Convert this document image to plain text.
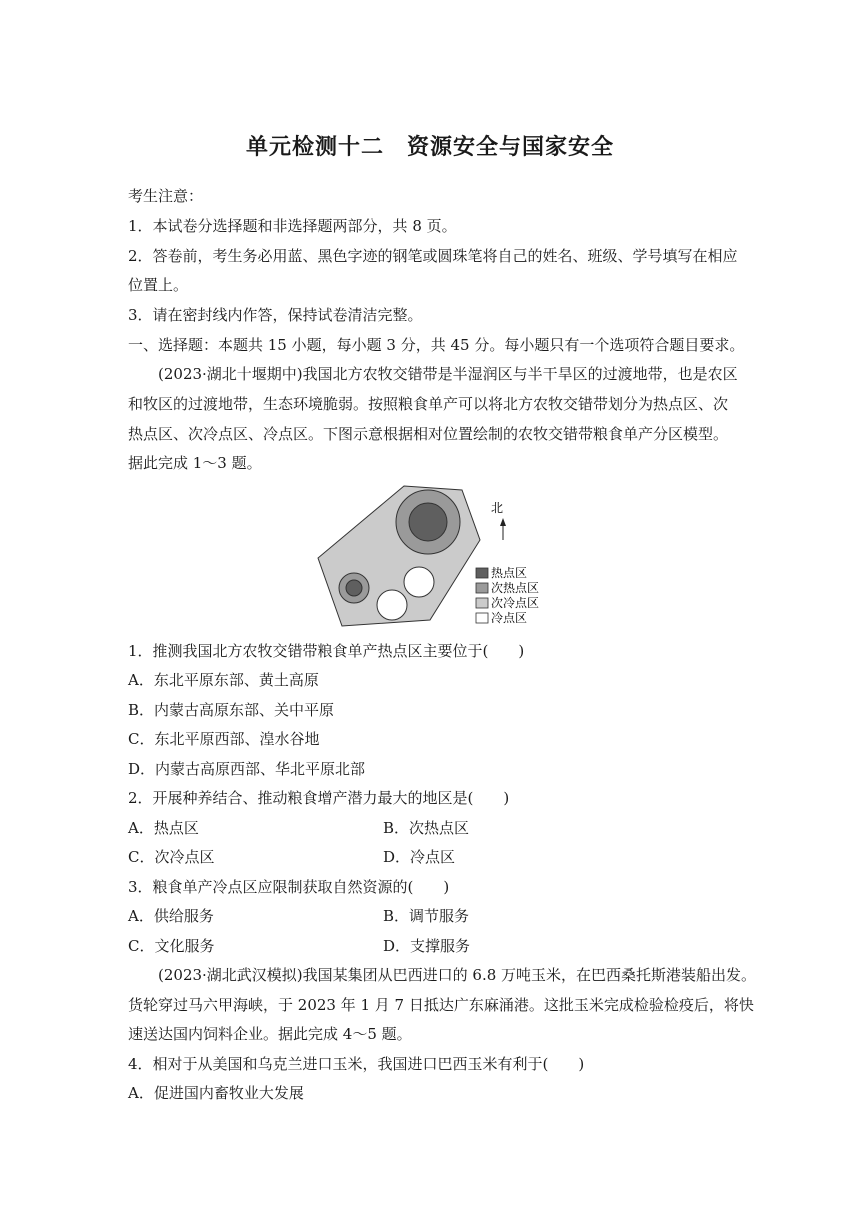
单元检测十二　资源安全与国家安全
考生注意：
1．本试卷分选择题和非选择题两部分，共 8 页。
2．答卷前，考生务必用蓝、黑色字迹的钢笔或圆珠笔将自己的姓名、班级、学号填写在相应
位置上。
3．请在密封线内作答，保持试卷清洁完整。
一、选择题：本题共 15 小题，每小题 3 分，共 45 分。每小题只有一个选项符合题目要求。
(2023·湖北十堰期中)我国北方农牧交错带是半湿润区与半干旱区的过渡地带，也是农区
和牧区的过渡地带，生态环境脆弱。按照粮食单产可以将北方农牧交错带划分为热点区、次
热点区、次冷点区、冷点区。下图示意根据相对位置绘制的农牧交错带粮食单产分区模型。
据此完成 1～3 题。
北
热点区
次热点区
次冷点区
冷点区
1．推测我国北方农牧交错带粮食单产热点区主要位于(　　)
A．东北平原东部、黄土高原
B．内蒙古高原东部、关中平原
C．东北平原西部、湟水谷地
D．内蒙古高原西部、华北平原北部
2．开展种养结合、推动粮食增产潜力最大的地区是(　　)
A．热点区	B．次热点区
C．次冷点区	D．冷点区
3．粮食单产冷点区应限制获取自然资源的(　　)
A．供给服务	B．调节服务
C．文化服务	D．支撑服务
(2023·湖北武汉模拟)我国某集团从巴西进口的 6.8 万吨玉米，在巴西桑托斯港装船出发。
货轮穿过马六甲海峡，于 2023 年 1 月 7 日抵达广东麻涌港。这批玉米完成检验检疫后，将快
速送达国内饲料企业。据此完成 4～5 题。
4．相对于从美国和乌克兰进口玉米，我国进口巴西玉米有利于(　　)
A．促进国内畜牧业大发展
